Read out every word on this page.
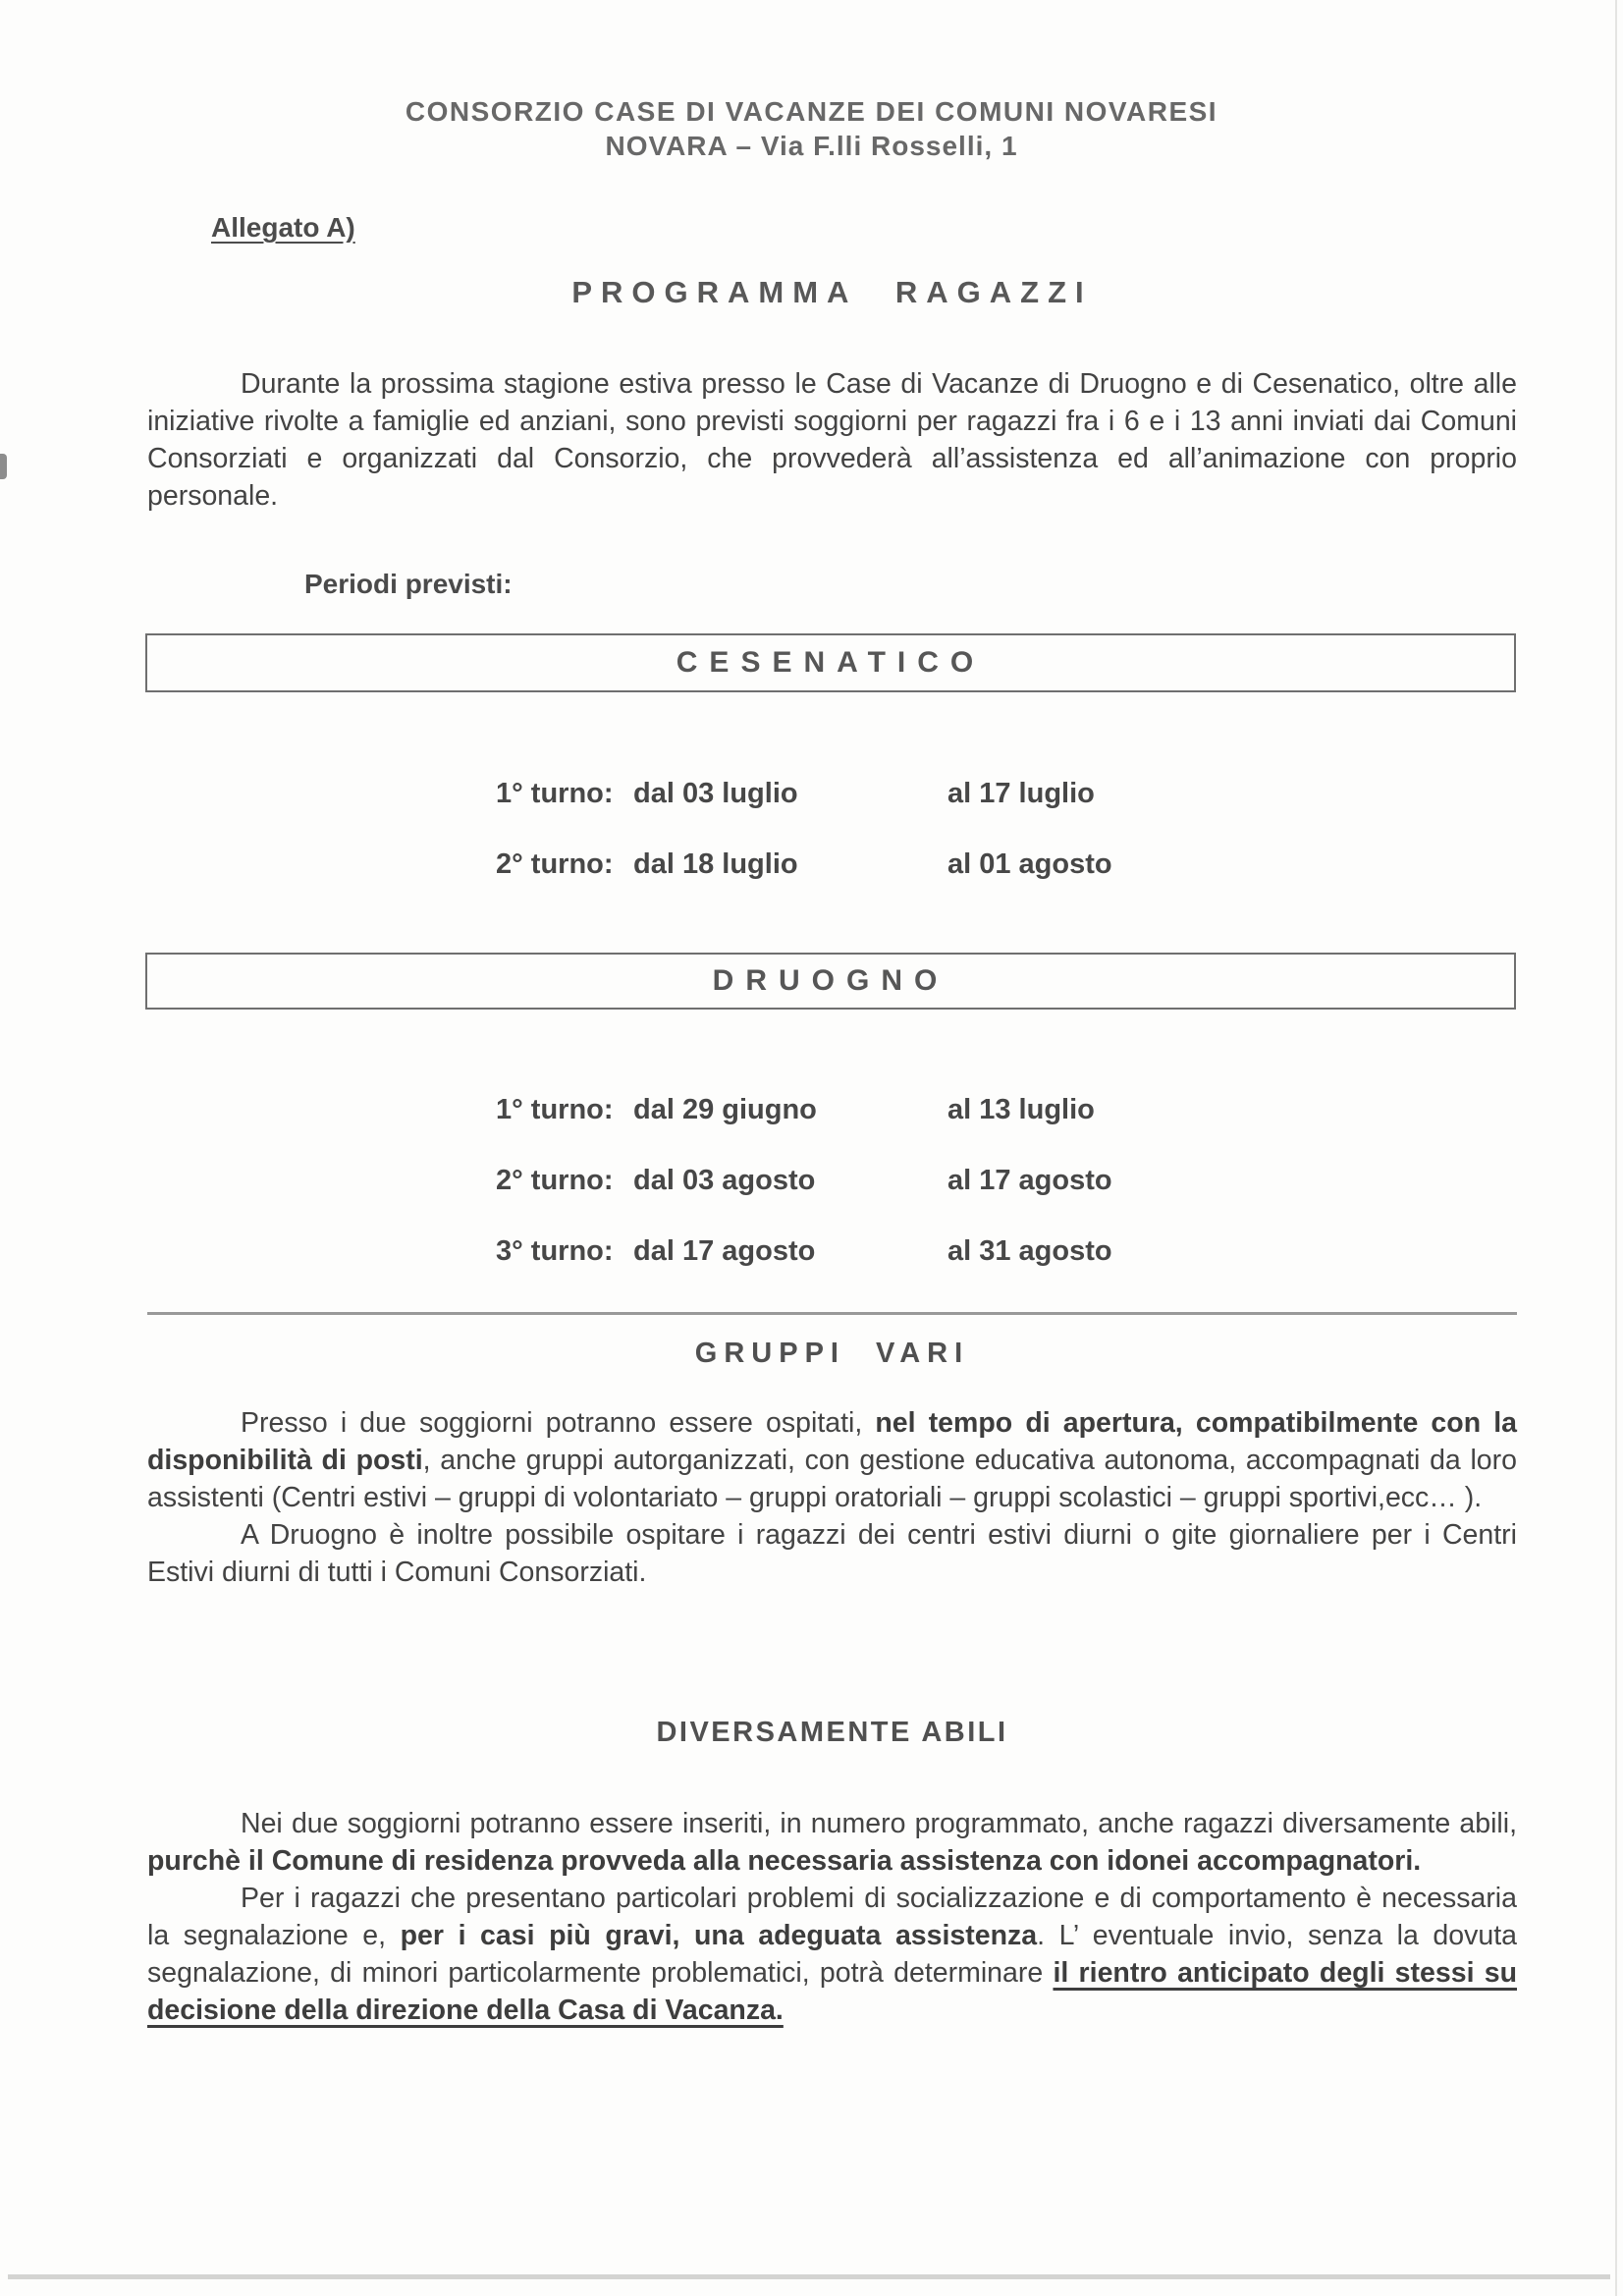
CONSORZIO CASE DI VACANZE DEI COMUNI NOVARESI
NOVARA – Via F.lli Rosselli, 1
Allegato A)
PROGRAMMA RAGAZZI

Durante la prossima stagione estiva presso le Case di Vacanze di Druogno e di Cesenatico, oltre alle iniziative rivolte a famiglie ed anziani, sono previsti soggiorni per ragazzi fra i 6 e i 13 anni inviati dai Comuni Consorziati e organizzati dal Consorzio, che provvederà all’assistenza ed all’animazione con proprio personale.

Periodi previsti:
CESENATICO
1° turno: dal 03 luglio	al 17 luglio
2° turno: dal 18 luglio	al 01 agosto
DRUOGNO
1° turno: dal 29 giugno	al 13 luglio
2° turno: dal 03 agosto	al 17 agosto
3° turno: dal 17 agosto	al 31 agosto
GRUPPI VARI

Presso i due soggiorni potranno essere ospitati, nel tempo di apertura, compatibilmente con la disponibilità di posti, anche gruppi autorganizzati, con gestione educativa autonoma, accompagnati da loro assistenti (Centri estivi – gruppi di volontariato – gruppi oratoriali – gruppi scolastici – gruppi sportivi,ecc… ).

A Druogno è inoltre possibile ospitare i ragazzi dei centri estivi diurni o gite giornaliere per i Centri Estivi diurni di tutti i Comuni Consorziati.

DIVERSAMENTE ABILI

Nei due soggiorni potranno essere inseriti, in numero programmato, anche ragazzi diversamente abili, purchè il Comune di residenza provveda alla necessaria assistenza con idonei accompagnatori.

Per i ragazzi che presentano particolari problemi di socializzazione e di comportamento è necessaria la segnalazione e, per i casi più gravi, una adeguata assistenza. L’ eventuale invio, senza la dovuta segnalazione, di minori particolarmente problematici, potrà determinare il rientro anticipato degli stessi su decisione della direzione della Casa di Vacanza.
